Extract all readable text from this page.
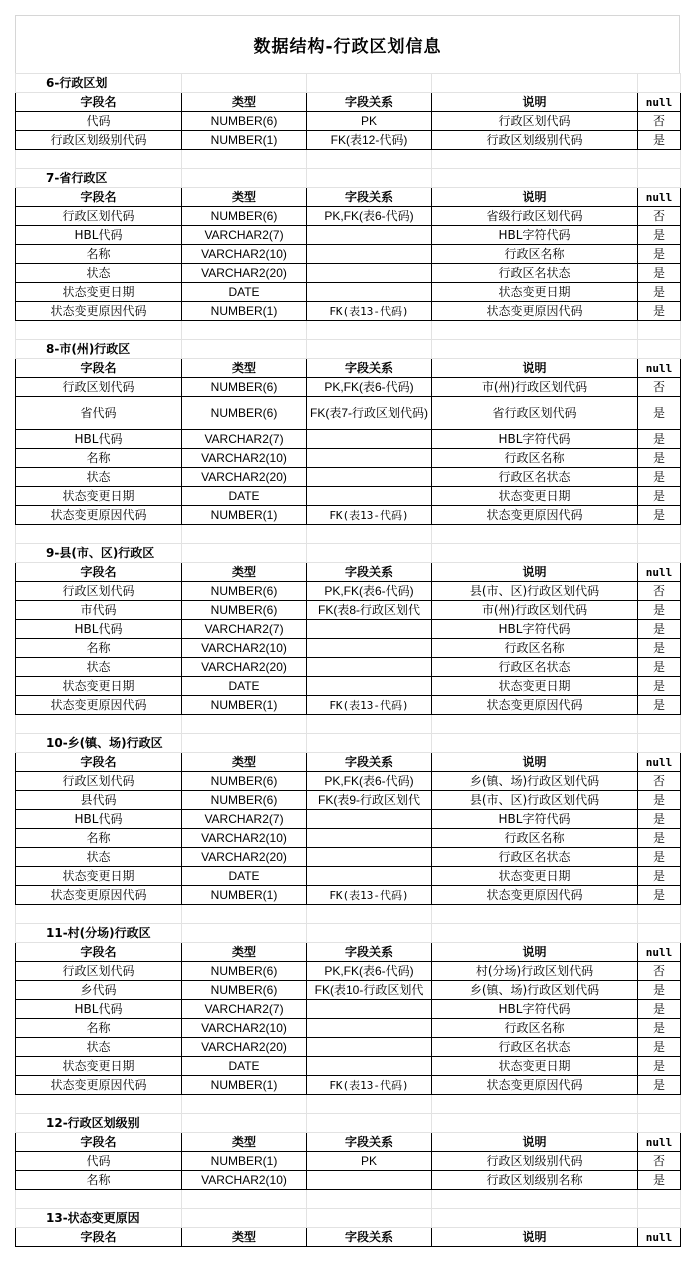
数据结构-行政区划信息
6-行政区划				
字段名	类型	字段关系	说明	null
代码	NUMBER(6)	PK	行政区划代码	否
行政区划级别代码	NUMBER(1)	FK(表12-代码)	行政区划级别代码	是

7-省行政区				
字段名	类型	字段关系	说明	null
行政区划代码	NUMBER(6)	PK,FK(表6-代码)	省级行政区划代码	否
HBL代码	VARCHAR2(7)		HBL字符代码	是
名称	VARCHAR2(10)		行政区名称	是
状态	VARCHAR2(20)		行政区名状态	是
状态变更日期	DATE		状态变更日期	是
状态变更原因代码	NUMBER(1)	FK(表13-代码)	状态变更原因代码	是

8-市(州)行政区				
字段名	类型	字段关系	说明	null
行政区划代码	NUMBER(6)	PK,FK(表6-代码)	市(州)行政区划代码	否
省代码	NUMBER(6)	FK(表7-行政区划代码)	省行政区划代码	是
HBL代码	VARCHAR2(7)		HBL字符代码	是
名称	VARCHAR2(10)		行政区名称	是
状态	VARCHAR2(20)		行政区名状态	是
状态变更日期	DATE		状态变更日期	是
状态变更原因代码	NUMBER(1)	FK(表13-代码)	状态变更原因代码	是

9-县(市、区)行政区				
字段名	类型	字段关系	说明	null
行政区划代码	NUMBER(6)	PK,FK(表6-代码)	县(市、区)行政区划代码	否
市代码	NUMBER(6)	FK(表8-行政区划代	市(州)行政区划代码	是
HBL代码	VARCHAR2(7)		HBL字符代码	是
名称	VARCHAR2(10)		行政区名称	是
状态	VARCHAR2(20)		行政区名状态	是
状态变更日期	DATE		状态变更日期	是
状态变更原因代码	NUMBER(1)	FK(表13-代码)	状态变更原因代码	是

10-乡(镇、场)行政区				
字段名	类型	字段关系	说明	null
行政区划代码	NUMBER(6)	PK,FK(表6-代码)	乡(镇、场)行政区划代码	否
县代码	NUMBER(6)	FK(表9-行政区划代	县(市、区)行政区划代码	是
HBL代码	VARCHAR2(7)		HBL字符代码	是
名称	VARCHAR2(10)		行政区名称	是
状态	VARCHAR2(20)		行政区名状态	是
状态变更日期	DATE		状态变更日期	是
状态变更原因代码	NUMBER(1)	FK(表13-代码)	状态变更原因代码	是

11-村(分场)行政区				
字段名	类型	字段关系	说明	null
行政区划代码	NUMBER(6)	PK,FK(表6-代码)	村(分场)行政区划代码	否
乡代码	NUMBER(6)	FK(表10-行政区划代	乡(镇、场)行政区划代码	是
HBL代码	VARCHAR2(7)		HBL字符代码	是
名称	VARCHAR2(10)		行政区名称	是
状态	VARCHAR2(20)		行政区名状态	是
状态变更日期	DATE		状态变更日期	是
状态变更原因代码	NUMBER(1)	FK(表13-代码)	状态变更原因代码	是

12-行政区划级别				
字段名	类型	字段关系	说明	null
代码	NUMBER(1)	PK	行政区划级别代码	否
名称	VARCHAR2(10)		行政区划级别名称	是

13-状态变更原因				
字段名	类型	字段关系	说明	null
